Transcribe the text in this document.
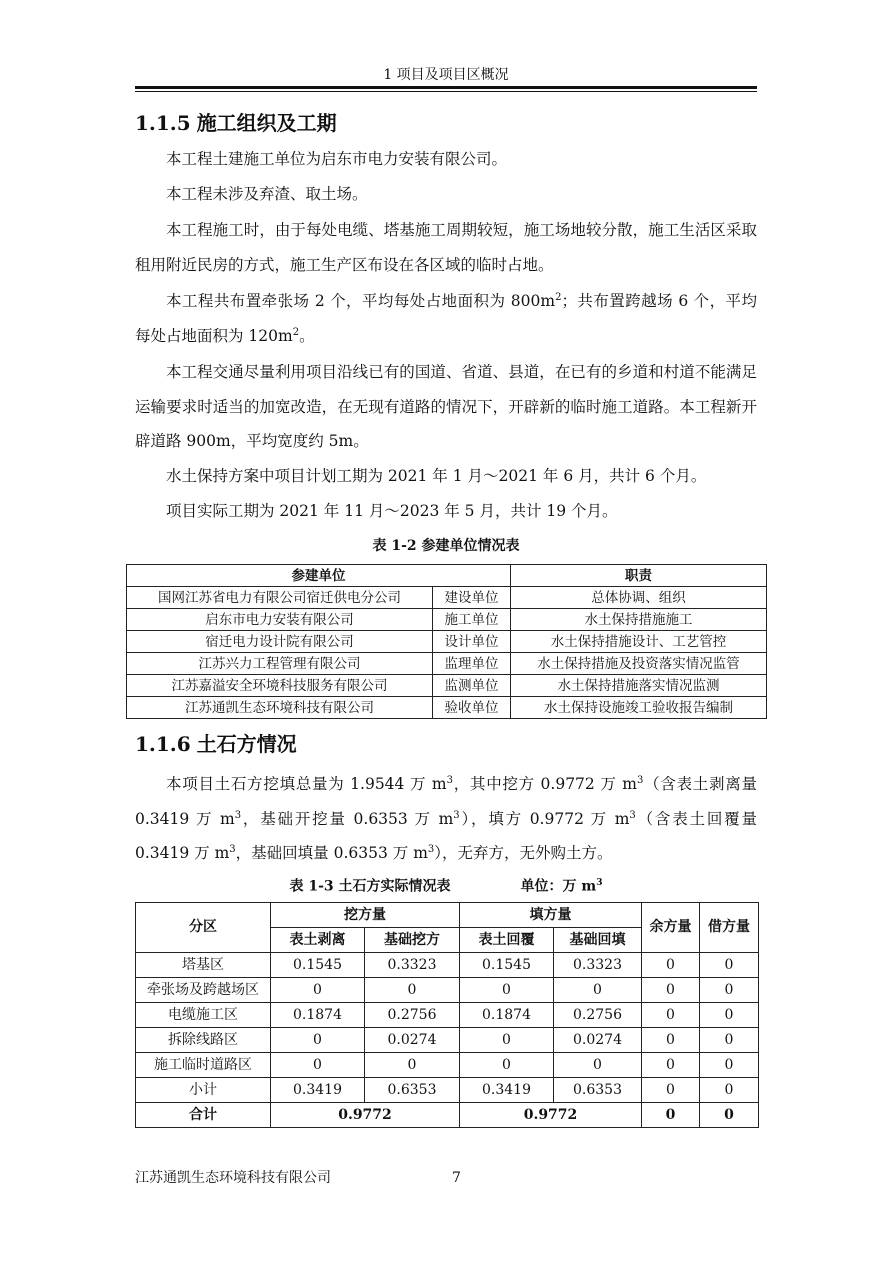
1 项目及项目区概况
1.1.5 施工组织及工期

本工程土建施工单位为启东市电力安装有限公司。

本工程未涉及弃渣、取土场。

本工程施工时，由于每处电缆、塔基施工周期较短，施工场地较分散，施工生活区采取租用附近民房的方式，施工生产区布设在各区域的临时占地。

本工程共布置牵张场 2 个，平均每处占地面积为 $800m^2$；共布置跨越场 6 个，平均每处占地面积为 $120m^2$。

本工程交通尽量利用项目沿线已有的国道、省道、县道，在已有的乡道和村道不能满足运输要求时适当的加宽改造，在无现有道路的情况下，开辟新的临时施工道路。本工程新开辟道路 900m，平均宽度约 5m。

水土保持方案中项目计划工期为 2021 年 1 月～2021 年 6 月，共计 6 个月。

项目实际工期为 2021 年 11 月～2023 年 5 月，共计 19 个月。

表 1-2 参建单位情况表

参建单位		职责
国网江苏省电力有限公司宿迁供电分公司	建设单位	总体协调、组织
启东市电力安装有限公司	施工单位	水土保持措施施工
宿迁电力设计院有限公司	设计单位	水土保持措施设计、工艺管控
江苏兴力工程管理有限公司	监理单位	水土保持措施及投资落实情况监管
江苏嘉溢安全环境科技服务有限公司	监测单位	水土保持措施落实情况监测
江苏通凯生态环境科技有限公司	验收单位	水土保持设施竣工验收报告编制
1.1.6 土石方情况

本项目土石方挖填总量为 1.9544 万 $m^3$，其中挖方 0.9772 万 $m^3$（含表土剥离量 0.3419 万 $m^3$，基础开挖量 0.6353 万 $m^3$），填方 0.9772 万 $m^3$（含表土回覆量 0.3419 万 $m^3$，基础回填量 0.6353 万 $m^3$），无弃方，无外购土方。

表 1-3 土石方实际情况表	单位：万 $m^3$

分区	挖方量		填方量		余方量	借方量
	表土剥离	基础挖方	表土回覆	基础回填		
塔基区	0.1545	0.3323	0.1545	0.3323	0	0
牵张场及跨越场区	0	0	0	0	0	0
电缆施工区	0.1874	0.2756	0.1874	0.2756	0	0
拆除线路区	0	0.0274	0	0.0274	0	0
施工临时道路区	0	0	0	0	0	0
小计	0.3419	0.6353	0.3419	0.6353	0	0
合计	0.9772		0.9772		0	0
江苏通凯生态环境科技有限公司	7
